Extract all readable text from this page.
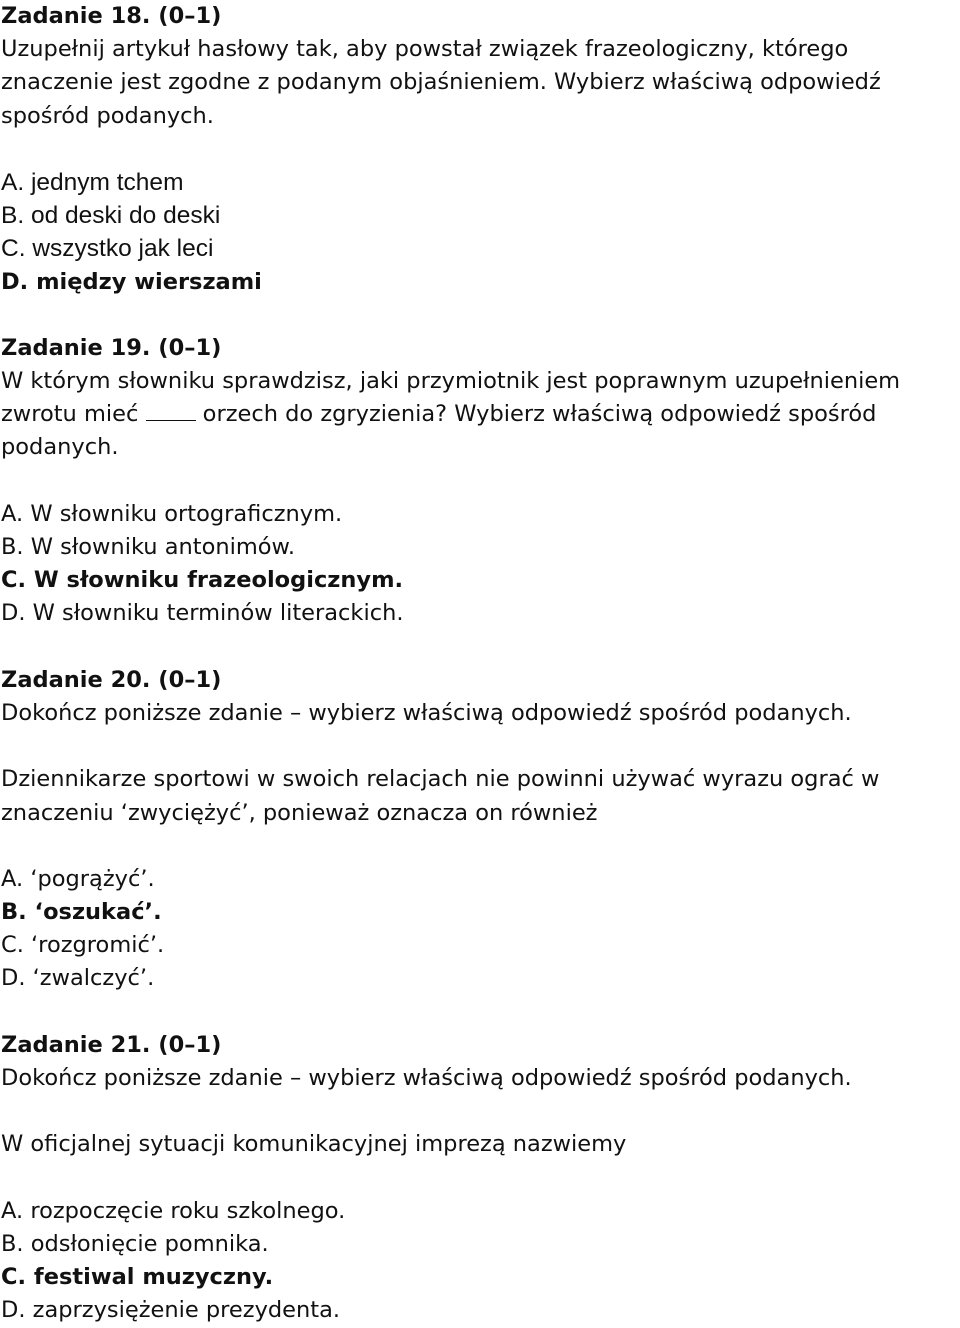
Zadanie 18. (0–1)
Uzupełnij artykuł hasłowy tak, aby powstał związek frazeologiczny, którego
znaczenie jest zgodne z podanym objaśnieniem. Wybierz właściwą odpowiedź
spośród podanych.
A. jednym tchem
B. od deski do deski
C. wszystko jak leci
D. między wierszami
Zadanie 19. (0–1)
W którym słowniku sprawdzisz, jaki przymiotnik jest poprawnym uzupełnieniem
zwrotu mieć	orzech do zgryzienia? Wybierz właściwą odpowiedź spośród
podanych.
A. W słowniku ortograficznym.
B. W słowniku antonimów.
C. W słowniku frazeologicznym.
D. W słowniku terminów literackich.
Zadanie 20. (0–1)
Dokończ poniższe zdanie – wybierz właściwą odpowiedź spośród podanych.
Dziennikarze sportowi w swoich relacjach nie powinni używać wyrazu ograć w
znaczeniu ‘zwyciężyć’, ponieważ oznacza on również
A. ‘pogrążyć’.
B. ‘oszukać’.
C. ‘rozgromić’.
D. ‘zwalczyć’.
Zadanie 21. (0–1)
Dokończ poniższe zdanie – wybierz właściwą odpowiedź spośród podanych.
W oficjalnej sytuacji komunikacyjnej imprezą nazwiemy
A. rozpoczęcie roku szkolnego.
B. odsłonięcie pomnika.
C. festiwal muzyczny.
D. zaprzysiężenie prezydenta.
